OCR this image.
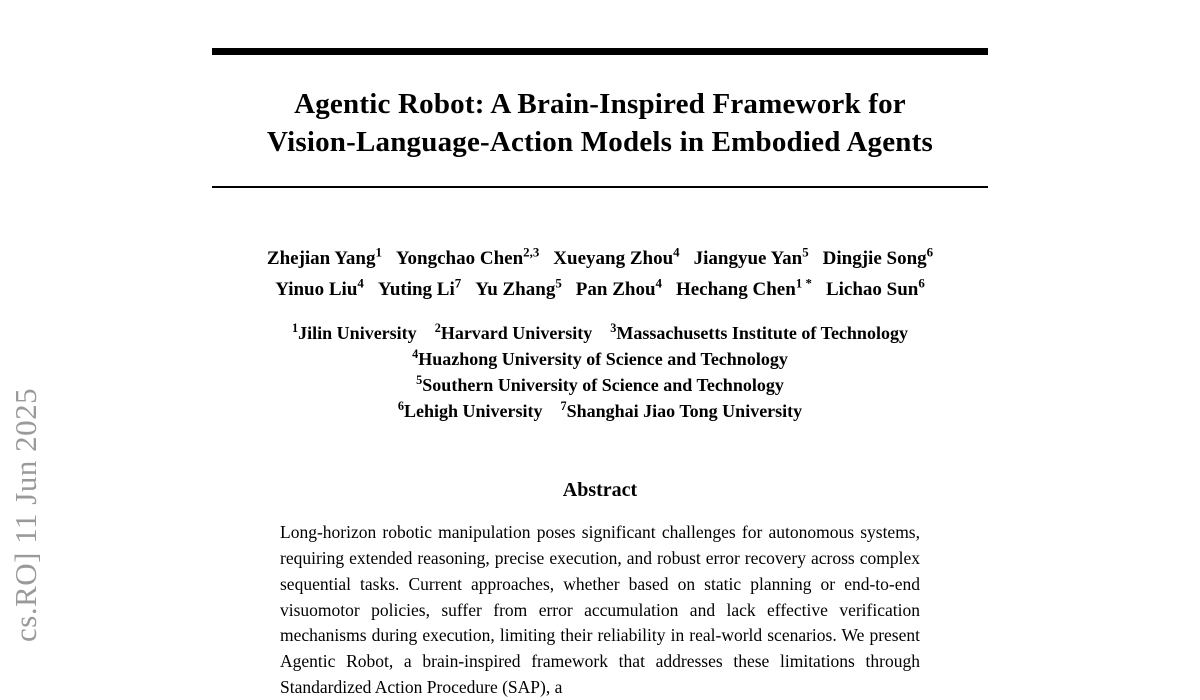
cs.RO] 11 Jun 2025
Agentic Robot: A Brain-Inspired Framework for
Vision-Language-Action Models in Embodied Agents
Zhejian Yang$^1$ Yongchao Chen$^{2,3}$ Xueyang Zhou$^4$ Jiangyue Yan$^5$ Dingjie Song$^6$
Yinuo Liu$^4$ Yuting Li$^7$ Yu Zhang$^5$ Pan Zhou$^4$ Hechang Chen$^{1 *}$ Lichao Sun$^6$
$^1$Jilin University $^2$Harvard University $^3$Massachusetts Institute of Technology
$^4$Huazhong University of Science and Technology
$^5$Southern University of Science and Technology
$^6$Lehigh University $^7$Shanghai Jiao Tong University
Abstract
Long-horizon robotic manipulation poses significant challenges for autonomous systems, requiring extended reasoning, precise execution, and robust error recovery across complex sequential tasks. Current approaches, whether based on static planning or end-to-end visuomotor policies, suffer from error accumulation and lack effective verification mechanisms during execution, limiting their reliability in real-world scenarios. We present Agentic Robot, a brain-inspired framework that addresses these limitations through Standardized Action Procedure (SAP), a
